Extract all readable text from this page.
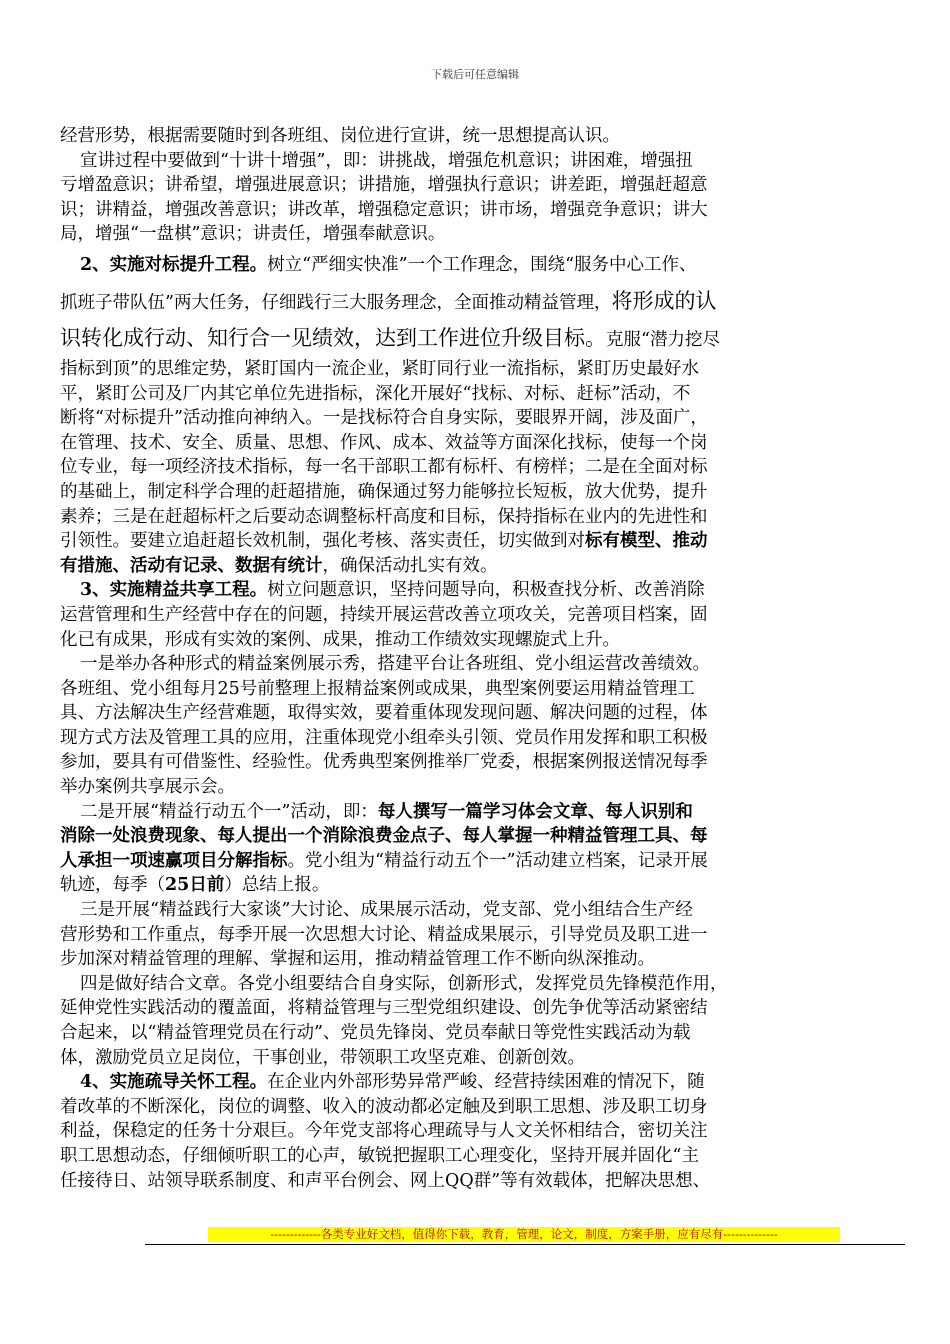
下载后可任意编辑
经营形势，根据需要随时到各班组、岗位进行宣讲，统一思想提高认识。
宣讲过程中要做到“十讲十增强”，即：讲挑战，增强危机意识；讲困难，增强扭
亏增盈意识；讲希望，增强进展意识；讲措施，增强执行意识；讲差距，增强赶超意
识；讲精益，增强改善意识；讲改革，增强稳定意识；讲市场，增强竞争意识；讲大
局，增强“一盘棋”意识；讲责任，增强奉献意识。
2、实施对标提升工程。树立“严细实快准”一个工作理念，围绕“服务中心工作、
抓班子带队伍”两大任务，仔细践行三大服务理念，全面推动精益管理，将形成的认
识转化成行动、知行合一见绩效，达到工作进位升级目标。克服“潜力挖尽
指标到顶”的思维定势，紧盯国内一流企业，紧盯同行业一流指标，紧盯历史最好水
平，紧盯公司及厂内其它单位先进指标，深化开展好“找标、对标、赶标”活动，不
断将“对标提升”活动推向神纳入。一是找标符合自身实际，要眼界开阔，涉及面广，
在管理、技术、安全、质量、思想、作风、成本、效益等方面深化找标，使每一个岗
位专业，每一项经济技术指标，每一名干部职工都有标杆、有榜样；二是在全面对标
的基础上，制定科学合理的赶超措施，确保通过努力能够拉长短板，放大优势，提升
素养；三是在赶超标杆之后要动态调整标杆高度和目标，保持指标在业内的先进性和
引领性。要建立追赶超长效机制，强化考核、落实责任，切实做到对标有模型、推动
有措施、活动有记录、数据有统计，确保活动扎实有效。
3、实施精益共享工程。树立问题意识，坚持问题导向，积极查找分析、改善消除
运营管理和生产经营中存在的问题，持续开展运营改善立项攻关，完善项目档案，固
化已有成果，形成有实效的案例、成果，推动工作绩效实现螺旋式上升。
一是举办各种形式的精益案例展示秀，搭建平台让各班组、党小组运营改善绩效。
各班组、党小组每月25号前整理上报精益案例或成果，典型案例要运用精益管理工
具、方法解决生产经营难题，取得实效，要着重体现发现问题、解决问题的过程，体
现方式方法及管理工具的应用，注重体现党小组牵头引领、党员作用发挥和职工积极
参加，要具有可借鉴性、经验性。优秀典型案例推举厂党委，根据案例报送情况每季
举办案例共享展示会。
二是开展“精益行动五个一”活动，即：每人撰写一篇学习体会文章、每人识别和
消除一处浪费现象、每人提出一个消除浪费金点子、每人掌握一种精益管理工具、每
人承担一项速赢项目分解指标。党小组为“精益行动五个一”活动建立档案，记录开展
轨迹，每季（25日前）总结上报。
三是开展“精益践行大家谈”大讨论、成果展示活动，党支部、党小组结合生产经
营形势和工作重点，每季开展一次思想大讨论、精益成果展示，引导党员及职工进一
步加深对精益管理的理解、掌握和运用，推动精益管理工作不断向纵深推动。
四是做好结合文章。各党小组要结合自身实际，创新形式，发挥党员先锋模范作用，
延伸党性实践活动的覆盖面，将精益管理与三型党组织建设、创先争优等活动紧密结
合起来，以“精益管理党员在行动”、党员先锋岗、党员奉献日等党性实践活动为载
体，激励党员立足岗位，干事创业，带领职工攻坚克难、创新创效。
4、实施疏导关怀工程。在企业内外部形势异常严峻、经营持续困难的情况下，随
着改革的不断深化，岗位的调整、收入的波动都必定触及到职工思想、涉及职工切身
利益，保稳定的任务十分艰巨。今年党支部将心理疏导与人文关怀相结合，密切关注
职工思想动态，仔细倾听职工的心声，敏锐把握职工心理变化，坚持开展并固化“主
任接待日、站领导联系制度、和声平台例会、网上QQ群”等有效载体，把解决思想、
-------------各类专业好文档，值得你下载，教育，管理，论文，制度，方案手册，应有尽有--------------
